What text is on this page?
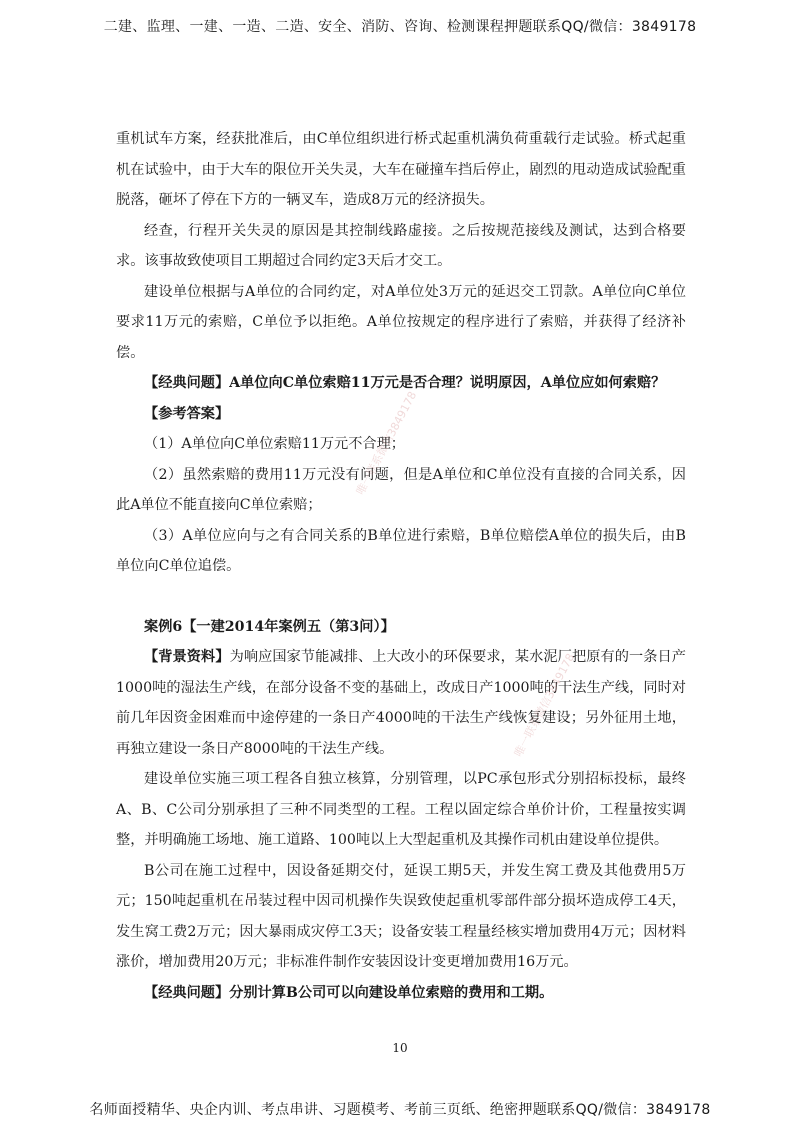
二建、监理、一建、一造、二造、安全、消防、咨询、检测课程押题联系QQ/微信：3849178

重机试车方案，经获批准后，由C单位组织进行桥式起重机满负荷重载行走试验。桥式起重机在试验中，由于大车的限位开关失灵，大车在碰撞车挡后停止，剧烈的甩动造成试验配重脱落，砸坏了停在下方的一辆叉车，造成8万元的经济损失。

经查，行程开关失灵的原因是其控制线路虚接。之后按规范接线及测试，达到合格要求。该事故致使项目工期超过合同约定3天后才交工。

建设单位根据与A单位的合同约定，对A单位处3万元的延迟交工罚款。A单位向C单位要求11万元的索赔，C单位予以拒绝。A单位按规定的程序进行了索赔，并获得了经济补偿。

【经典问题】A单位向C单位索赔11万元是否合理？说明原因，A单位应如何索赔？

【参考答案】

（1）A单位向C单位索赔11万元不合理；

（2）虽然索赔的费用11万元没有问题，但是A单位和C单位没有直接的合同关系，因此A单位不能直接向C单位索赔；

（3）A单位应向与之有合同关系的B单位进行索赔，B单位赔偿A单位的损失后，由B单位向C单位追偿。

案例6【一建2014年案例五（第3问）】

【背景资料】为响应国家节能减排、上大改小的环保要求，某水泥厂把原有的一条日产1000吨的湿法生产线，在部分设备不变的基础上，改成日产1000吨的干法生产线，同时对前几年因资金困难而中途停建的一条日产4000吨的干法生产线恢复建设；另外征用土地，再独立建设一条日产8000吨的干法生产线。

建设单位实施三项工程各自独立核算，分别管理，以PC承包形式分别招标投标，最终A、B、C公司分别承担了三种不同类型的工程。工程以固定综合单价计价，工程量按实调整，并明确施工场地、施工道路、100吨以上大型起重机及其操作司机由建设单位提供。

B公司在施工过程中，因设备延期交付，延误工期5天，并发生窝工费及其他费用5万元；150吨起重机在吊装过程中因司机操作失误致使起重机零部件部分损坏造成停工4天，发生窝工费2万元；因大暴雨成灾停工3天；设备安装工程量经核实增加费用4万元；因材料涨价，增加费用20万元；非标准件制作安装因设计变更增加费用16万元。

【经典问题】分别计算B公司可以向建设单位索赔的费用和工期。

唯一联系微信3849178
唯一联系微信3849178
10
名师面授精华、央企内训、考点串讲、习题模考、考前三页纸、绝密押题联系QQ/微信：3849178
